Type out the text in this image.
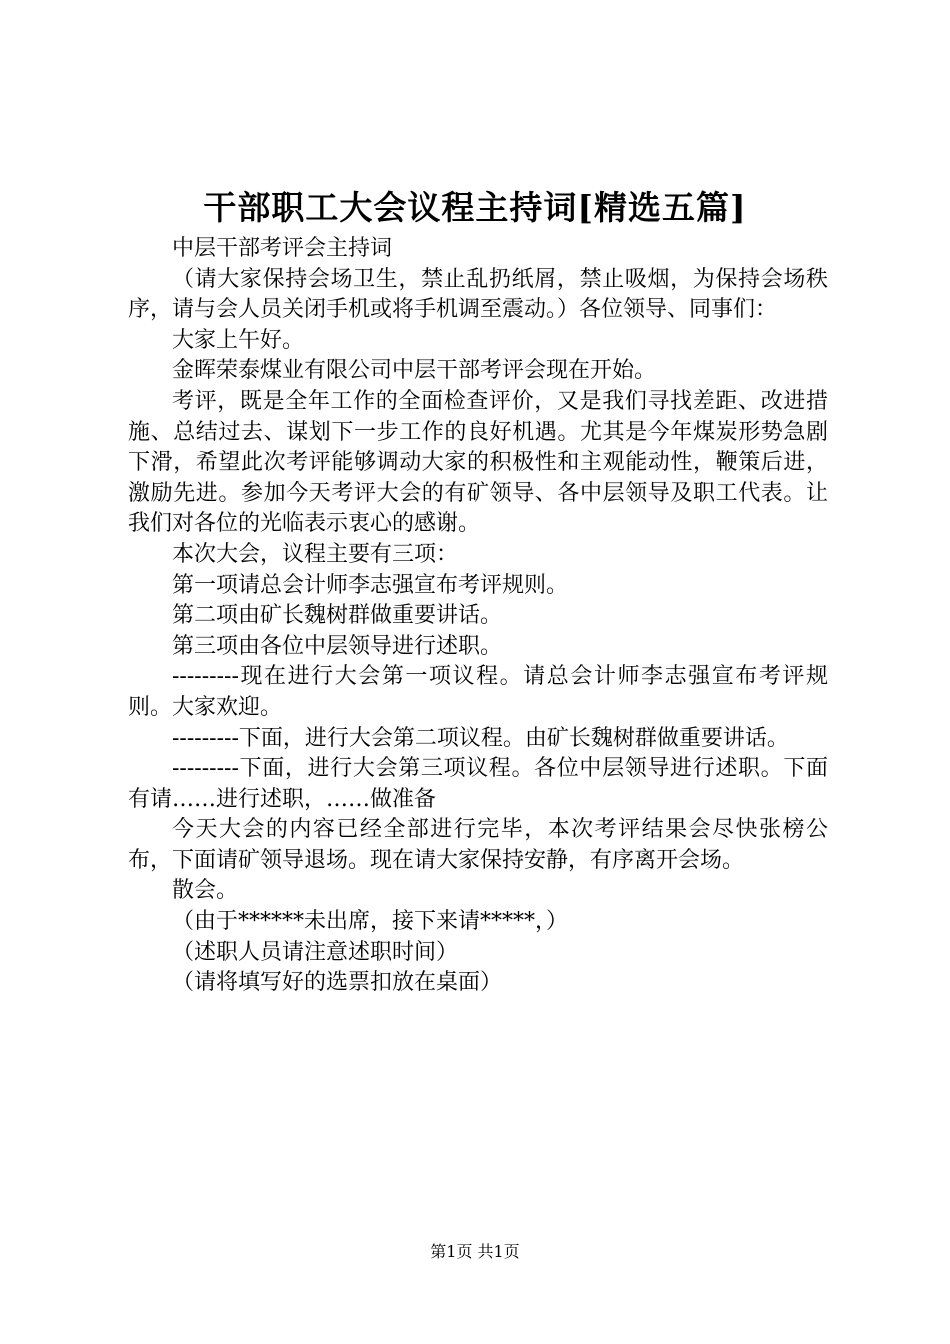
干部职工大会议程主持词[精选五篇]

中层干部考评会主持词

（请大家保持会场卫生，禁止乱扔纸屑，禁止吸烟，为保持会场秩序，请与会人员关闭手机或将手机调至震动。）各位领导、同事们：

大家上午好。

金晖荣泰煤业有限公司中层干部考评会现在开始。

考评，既是全年工作的全面检查评价，又是我们寻找差距、改进措施、总结过去、谋划下一步工作的良好机遇。尤其是今年煤炭形势急剧下滑，希望此次考评能够调动大家的积极性和主观能动性，鞭策后进，激励先进。参加今天考评大会的有矿领导、各中层领导及职工代表。让我们对各位的光临表示衷心的感谢。

本次大会，议程主要有三项：

第一项请总会计师李志强宣布考评规则。

第二项由矿长魏树群做重要讲话。

第三项由各位中层领导进行述职。

---------现在进行大会第一项议程。请总会计师李志强宣布考评规则。大家欢迎。

---------下面，进行大会第二项议程。由矿长魏树群做重要讲话。

---------下面，进行大会第三项议程。各位中层领导进行述职。下面有请……进行述职，……做准备

今天大会的内容已经全部进行完毕，本次考评结果会尽快张榜公布，下面请矿领导退场。现在请大家保持安静，有序离开会场。

散会。

（由于******未出席，接下来请*****，）

（述职人员请注意述职时间）

（请将填写好的选票扣放在桌面）

第1页 共1页
